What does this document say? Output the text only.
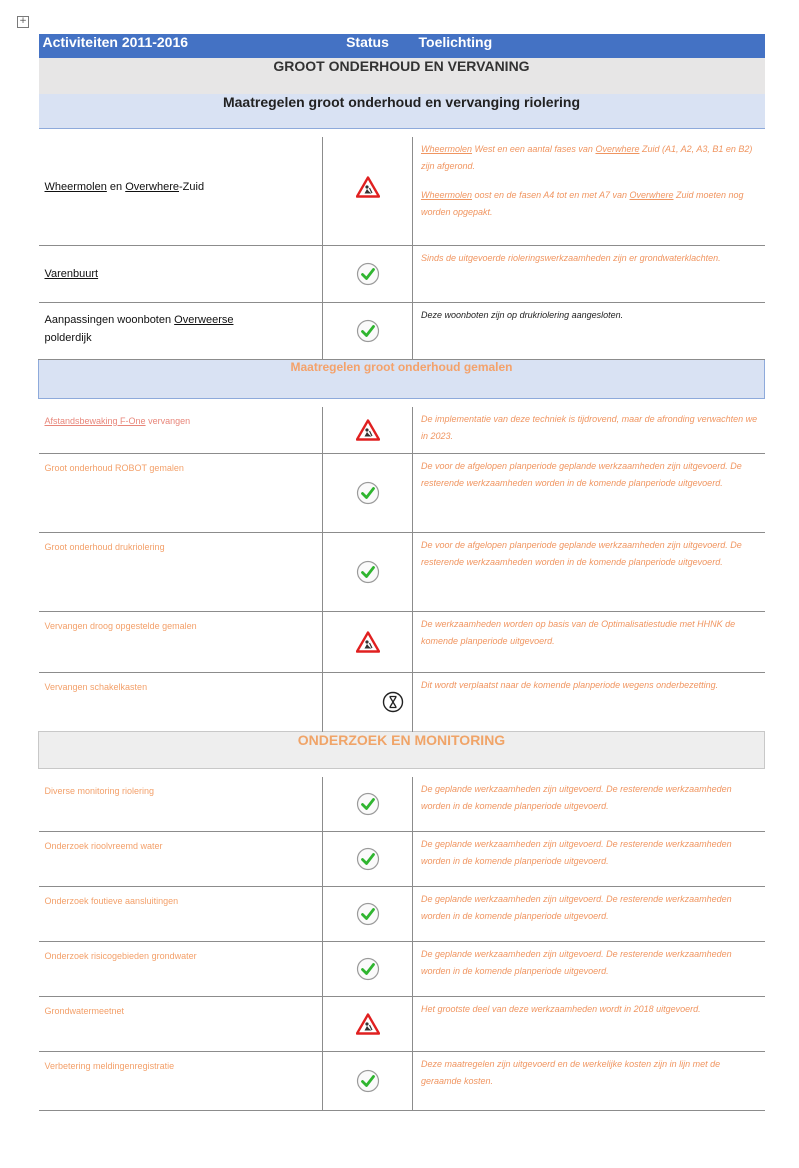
+
Activiteiten 2011-2016	Status	Toelichting
GROOT ONDERHOUD EN VERVANING		
Maatregelen groot onderhoud en vervanging riolering		

Wheermolen en Overwhere-Zuid		Wheermolen West en een aantal fases van Overwhere Zuid (A1, A2, A3, B1 en B2) zijn afgerond.

Wheermolen oost en de fasen A4 tot en met A7 van Overwhere Zuid moeten nog worden opgepakt.

Varenbuurt		Sinds de uitgevoerde rioleringswerkzaamheden zijn er grondwaterklachten.

Aanpassingen woonboten Overweerse
polderdijk		Deze woonboten zijn op drukriolering aangesloten.

Maatregelen groot onderhoud gemalen		

Afstandsbewaking F-One vervangen		De implementatie van deze techniek is tijdrovend, maar de afronding verwachten we in 2023.

Groot onderhoud ROBOT gemalen		De voor de afgelopen planperiode geplande werkzaamheden zijn uitgevoerd. De resterende werkzaamheden worden in de komende planperiode uitgevoerd.

Groot onderhoud drukriolering		De voor de afgelopen planperiode geplande werkzaamheden zijn uitgevoerd. De resterende werkzaamheden worden in de komende planperiode uitgevoerd.

Vervangen droog opgestelde gemalen		De werkzaamheden worden op basis van de Optimalisatiestudie met HHNK de komende planperiode uitgevoerd.

Vervangen schakelkasten		Dit wordt verplaatst naar de komende planperiode wegens onderbezetting.

ONDERZOEK EN MONITORING		

Diverse monitoring riolering		De geplande werkzaamheden zijn uitgevoerd. De resterende werkzaamheden worden in de komende planperiode uitgevoerd.

Onderzoek rioolvreemd water		De geplande werkzaamheden zijn uitgevoerd. De resterende werkzaamheden worden in de komende planperiode uitgevoerd.

Onderzoek foutieve aansluitingen		De geplande werkzaamheden zijn uitgevoerd. De resterende werkzaamheden worden in de komende planperiode uitgevoerd.

Onderzoek risicogebieden grondwater		De geplande werkzaamheden zijn uitgevoerd. De resterende werkzaamheden worden in de komende planperiode uitgevoerd.

Grondwatermeetnet		Het grootste deel van deze werkzaamheden wordt in 2018 uitgevoerd.

Verbetering meldingenregistratie		Deze maatregelen zijn uitgevoerd en de werkelijke kosten zijn in lijn met de geraamde kosten.
